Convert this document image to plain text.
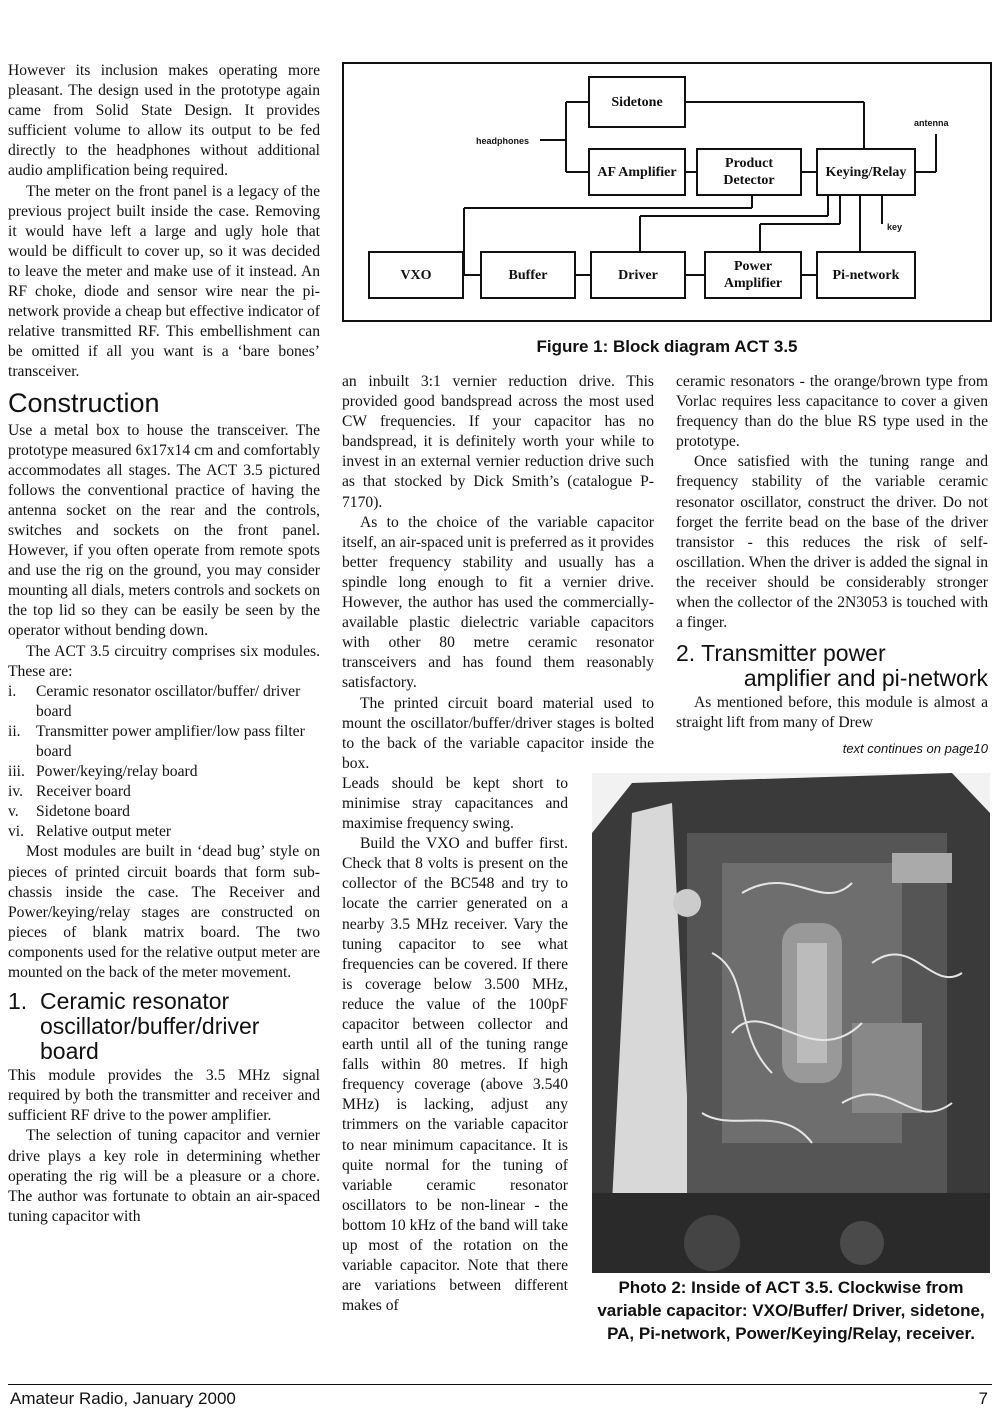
However its inclusion makes operating more pleasant. The design used in the prototype again came from Solid State Design. It provides sufficient volume to allow its output to be fed directly to the headphones without additional audio amplification being required.

The meter on the front panel is a legacy of the previous project built inside the case. Removing it would have left a large and ugly hole that would be difficult to cover up, so it was decided to leave the meter and make use of it instead. An RF choke, diode and sensor wire near the pi-network provide a cheap but effective indicator of relative transmitted RF. This embellishment can be omitted if all you want is a ‘bare bones’ transceiver.

Construction

Use a metal box to house the transceiver. The prototype measured 6x17x14 cm and comfortably accommodates all stages. The ACT 3.5 pictured follows the conventional practice of having the antenna socket on the rear and the controls, switches and sockets on the front panel. However, if you often operate from remote spots and use the rig on the ground, you may consider mounting all dials, meters controls and sockets on the top lid so they can be easily be seen by the operator without bending down.

The ACT 3.5 circuitry comprises six modules. These are:

i. Ceramic resonator oscillator/buffer/ driver board
ii. Transmitter power amplifier/low pass filter board
iii. Power/keying/relay board
iv. Receiver board
v. Sidetone board
vi. Relative output meter

Most modules are built in ‘dead bug’ style on pieces of printed circuit boards that form sub-chassis inside the case. The Receiver and Power/keying/relay stages are constructed on pieces of blank matrix board. The two components used for the relative output meter are mounted on the back of the meter movement.

1. Ceramic resonator
oscillator/buffer/driver
board

This module provides the 3.5 MHz signal required by both the transmitter and receiver and sufficient RF drive to the power amplifier.

The selection of tuning capacitor and vernier drive plays a key role in determining whether operating the rig will be a pleasure or a chore. The author was fortunate to obtain an air-spaced tuning capacitor with

Sidetone
AF Amplifier
Product Detector
Keying/Relay
VXO	Buffer	Driver
Power Amplifier
Pi-network
headphones
antenna
key
Figure 1: Block diagram ACT 3.5

an inbuilt 3:1 vernier reduction drive. This provided good bandspread across the most used CW frequencies. If your capacitor has no bandspread, it is definitely worth your while to invest in an external vernier reduction drive such as that stocked by Dick Smith’s (catalogue P-7170).

As to the choice of the variable capacitor itself, an air-spaced unit is preferred as it provides better frequency stability and usually has a spindle long enough to fit a vernier drive. However, the author has used the commercially-available plastic dielectric variable capacitors with other 80 metre ceramic resonator transceivers and has found them reasonably satisfactory.

The printed circuit board material used to mount the oscillator/buffer/driver stages is bolted to the back of the variable capacitor inside the box.

Leads should be kept short to minimise stray capacitances and maximise frequency swing.

Build the VXO and buffer first. Check that 8 volts is present on the collector of the BC548 and try to locate the carrier generated on a nearby 3.5 MHz receiver. Vary the tuning capacitor to see what frequencies can be covered. If there is coverage below 3.500 MHz, reduce the value of the 100pF capacitor between collector and earth until all of the tuning range falls within 80 metres. If high frequency coverage (above 3.540 MHz) is lacking, adjust any trimmers on the variable capacitor to near minimum capacitance. It is quite normal for the tuning of variable ceramic resonator oscillators to be non-linear - the bottom 10 kHz of the band will take up most of the rotation on the variable capacitor. Note that there are variations between different makes of

ceramic resonators - the orange/brown type from Vorlac requires less capacitance to cover a given frequency than do the blue RS type used in the prototype.

Once satisfied with the tuning range and frequency stability of the variable ceramic resonator oscillator, construct the driver. Do not forget the ferrite bead on the base of the driver transistor - this reduces the risk of self-oscillation. When the driver is added the signal in the receiver should be considerably stronger when the collector of the 2N3053 is touched with a finger.

2. Transmitter power

amplifier and pi-network

As mentioned before, this module is almost a straight lift from many of Drew

text continues on page10
Photo 2: Inside of ACT 3.5. Clockwise from variable capacitor: VXO/Buffer/ Driver, sidetone, PA, Pi-network, Power/Keying/Relay, receiver.
Amateur Radio, January 2000	7
